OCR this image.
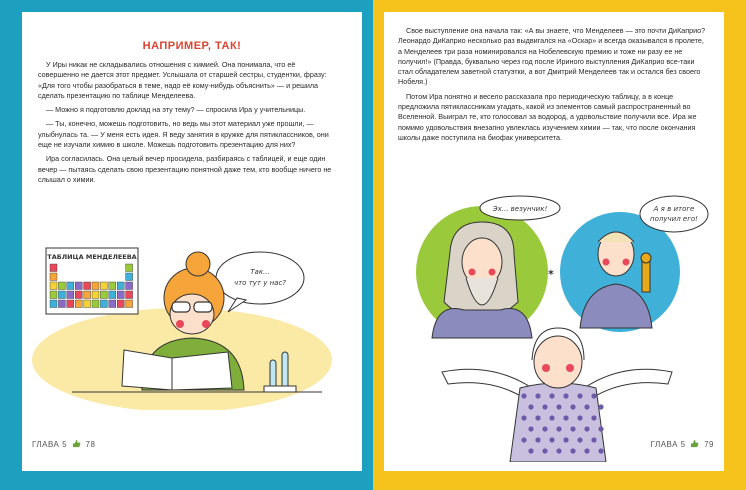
НАПРИМЕР, ТАК!

У Иры никак не складывались отношения с химией. Она понимала, что её совершенно не дается этот предмет. Услышала от старшей сестры, студентки, фразу: «Для того чтобы разобраться в теме, надо её кому-нибудь объяснить» — и решила сделать презентацию по таблице Менделеева.

— Можно я подготовлю доклад на эту тему? — спросила Ира у учительницы.

— Ты, конечно, можешь подготовить, но ведь мы этот материал уже прошли, — улыбнулась та. — У меня есть идея. Я веду занятия в кружке для пятиклассников, они еще не изучали химию в школе. Можешь подготовить презентацию для них?

Ира согласилась. Она целый вечер просидела, разбираясь с таблицей, и еще один вечер — пытаясь сделать свою презентацию понятной даже тем, кто вообще ничего не слышал о химии.

ТАБЛИЦА МЕНДЕЛЕЕВА
Так...
что тут у нас?
ГЛАВА 5 78

Свое выступление она начала так: «А вы знаете, что Менделеев — это почти ДиКаприо? Леонардо ДиКаприо несколько раз выдвигался на «Оскар» и всегда оказывался в пролете, а Менделеев три раза номинировался на Нобелевскую премию и тоже ни разу ее не получил!» (Правда, буквально через год после Ириного выступления ДиКаприо все-таки стал обладателем заветной статуэтки, а вот Дмитрий Менделеев так и остался без своего Нобеля.)

Потом Ира понятно и весело рассказала про периодическую таблицу, а в конце предложила пятиклассникам угадать, какой из элементов самый распространенный во Вселенной. Выиграл те, кто голосовал за водород, а удовольствие получили все. Ира же помимо удовольствия внезапно увлеклась изучением химии — так, что после окончания школы даже поступила на биофак университета.

✶
Эх... везунчик!	А я в итоге
получил его!
ГЛАВА 5 79
